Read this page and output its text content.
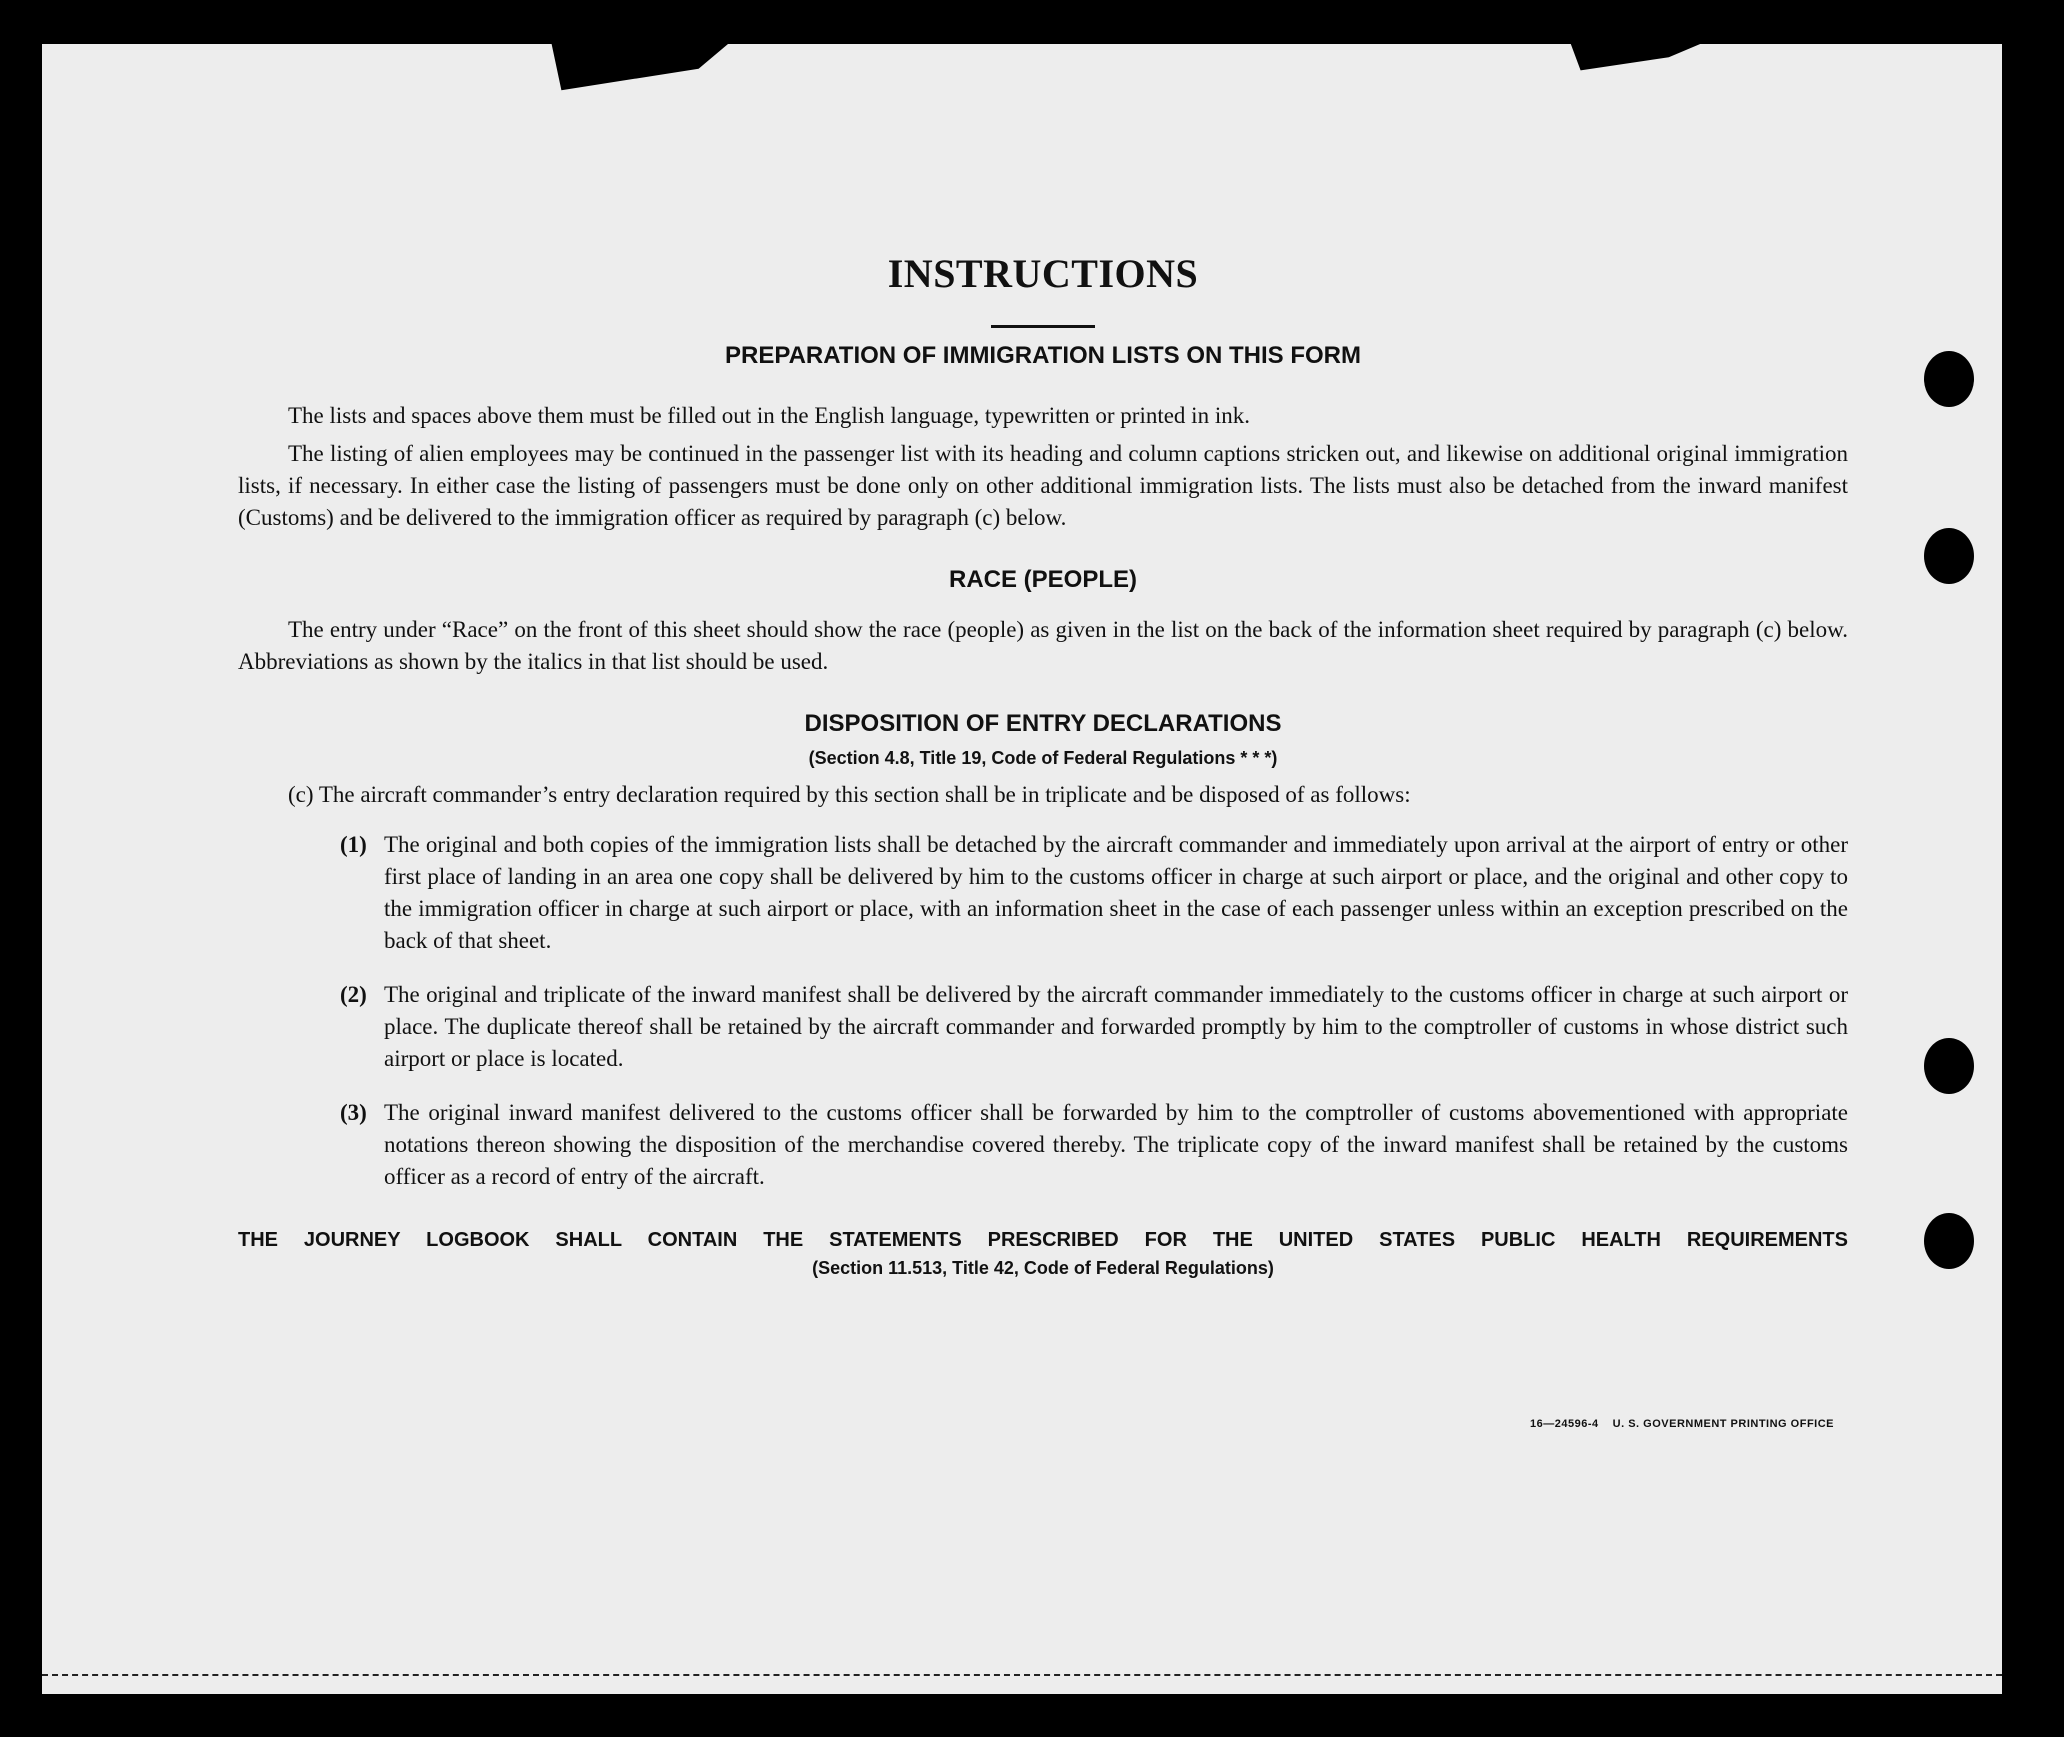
INSTRUCTIONS
PREPARATION OF IMMIGRATION LISTS ON THIS FORM

The lists and spaces above them must be filled out in the English language, typewritten or printed in ink.

The listing of alien employees may be continued in the passenger list with its heading and column captions stricken out, and likewise on additional original immigration lists, if necessary. In either case the listing of passengers must be done only on other additional immigration lists. The lists must also be detached from the inward manifest (Customs) and be delivered to the immigration officer as required by paragraph (c) below.

RACE (PEOPLE)

The entry under “Race” on the front of this sheet should show the race (people) as given in the list on the back of the information sheet required by paragraph (c) below. Abbreviations as shown by the italics in that list should be used.

DISPOSITION OF ENTRY DECLARATIONS
(Section 4.8, Title 19, Code of Federal Regulations * * *)

(c) The aircraft commander’s entry declaration required by this section shall be in triplicate and be disposed of as follows:

(1) The original and both copies of the immigration lists shall be detached by the aircraft commander and immediately upon arrival at the airport of entry or other first place of landing in an area one copy shall be delivered by him to the customs officer in charge at such airport or place, and the original and other copy to the immigration officer in charge at such airport or place, with an information sheet in the case of each passenger unless within an exception prescribed on the back of that sheet.

(2) The original and triplicate of the inward manifest shall be delivered by the aircraft commander immediately to the customs officer in charge at such airport or place. The duplicate thereof shall be retained by the aircraft commander and forwarded promptly by him to the comptroller of customs in whose district such airport or place is located.

(3) The original inward manifest delivered to the customs officer shall be forwarded by him to the comptroller of customs abovementioned with appropriate notations thereon showing the disposition of the merchandise covered thereby. The triplicate copy of the inward manifest shall be retained by the customs officer as a record of entry of the aircraft.

THE JOURNEY LOGBOOK SHALL CONTAIN THE STATEMENTS PRESCRIBED FOR THE UNITED STATES PUBLIC HEALTH REQUIREMENTS
(Section 11.513, Title 42, Code of Federal Regulations)
16—24596-4 U. S. GOVERNMENT PRINTING OFFICE
